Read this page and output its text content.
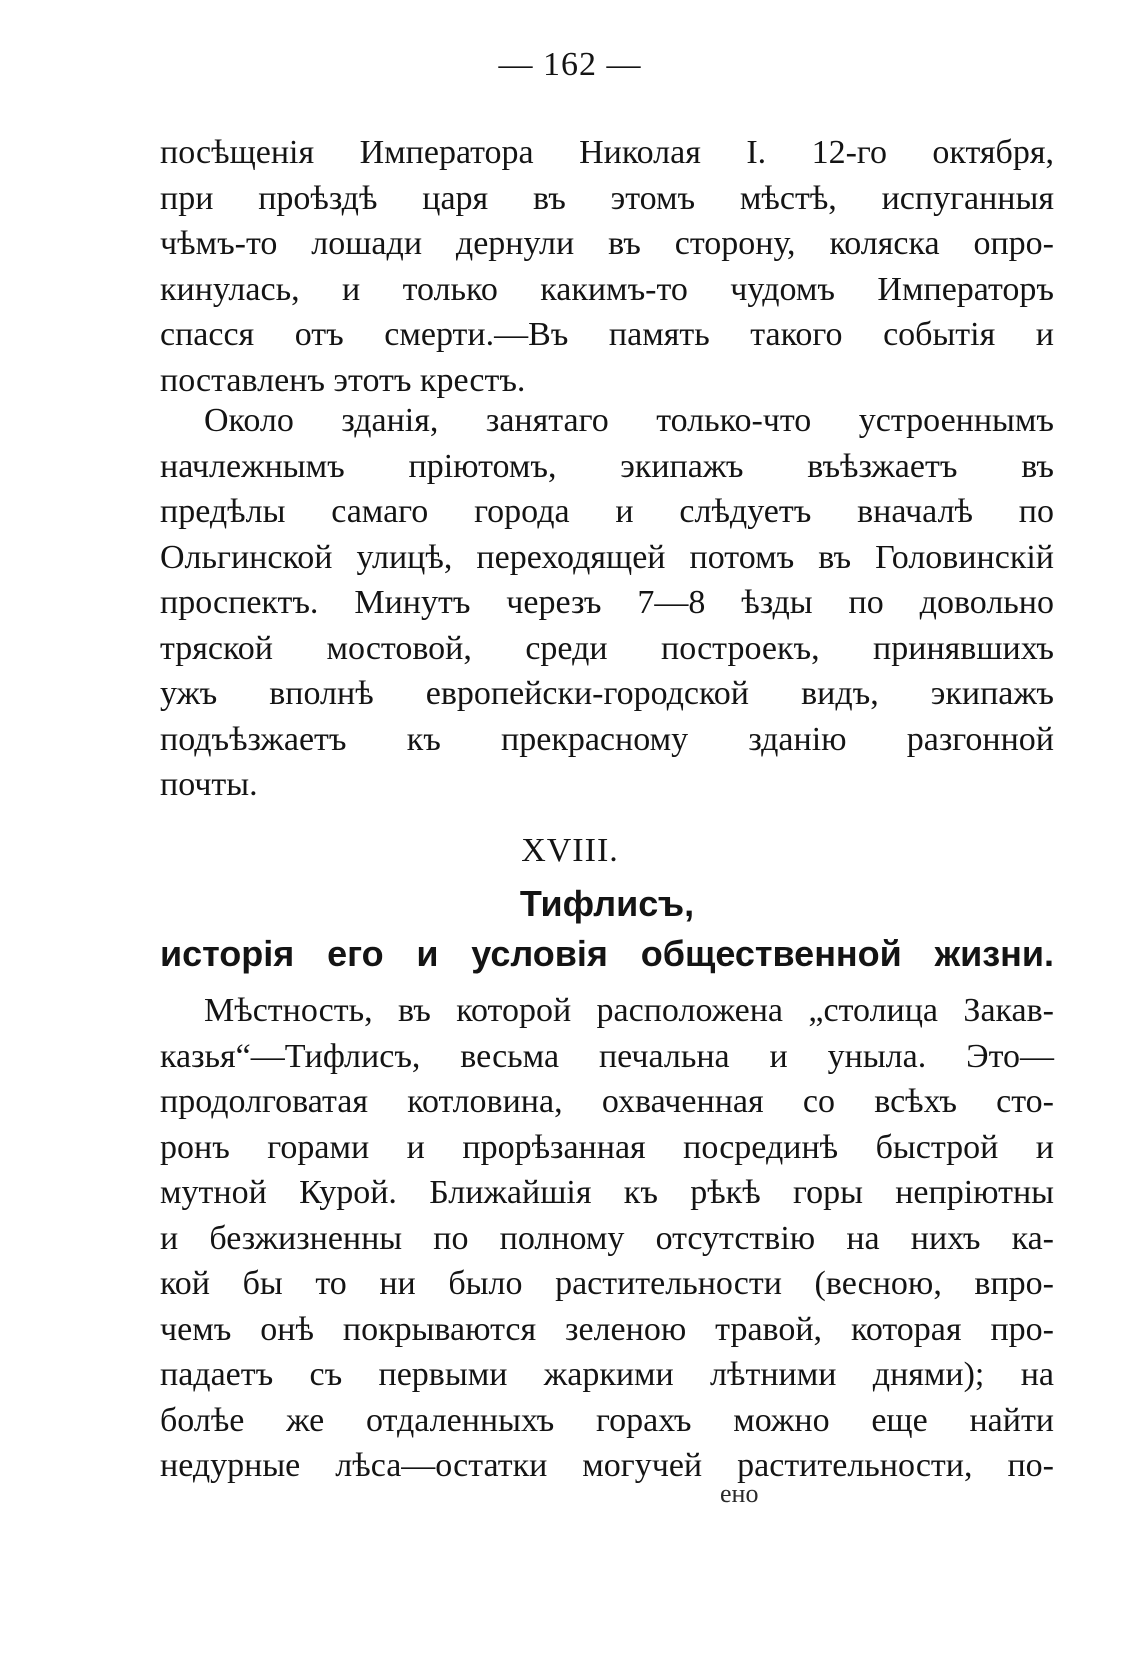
— 162 —
посѣщенія Императора Николая I. 12-го октября,
при проѣздѣ царя въ этомъ мѣстѣ, испуганныя
чѣмъ-то лошади дернули въ сторону, коляска опро-
кинулась, и только какимъ-то чудомъ Императоръ
спасся отъ смерти.—Въ память такого событія и
поставленъ этотъ крестъ.
Около зданія, занятаго только-что устроеннымъ
начлежнымъ пріютомъ, экипажъ въѣзжаетъ въ
предѣлы самаго города и слѣдуетъ вначалѣ по
Ольгинской улицѣ, переходящей потомъ въ Головинскій
проспектъ. Минутъ черезъ 7—8 ѣзды по довольно
тряской мостовой, среди построекъ, принявшихъ
ужъ вполнѣ европейски-городской видъ, экипажъ
подъѣзжаетъ къ прекрасному зданію разгонной
почты.
XVIII.
Тифлисъ,
исторія его и условія общественной жизни.
Мѣстность, въ которой расположена „столица Закав-
казья“—Тифлисъ, весьма печальна и уныла. Это—
продолговатая котловина, охваченная со всѣхъ сто-
ронъ горами и прорѣзанная посрединѣ быстрой и
мутной Курой. Ближайшія къ рѣкѣ горы непріютны
и безжизненны по полному отсутствію на нихъ ка-
кой бы то ни было растительности (весною, впро-
чемъ онѣ покрываются зеленою травой, которая про-
падаетъ съ первыми жаркими лѣтними днями); на
болѣе же отдаленныхъ горахъ можно еще найти
недурные лѣса—остатки могучей растительности, по-
ено
